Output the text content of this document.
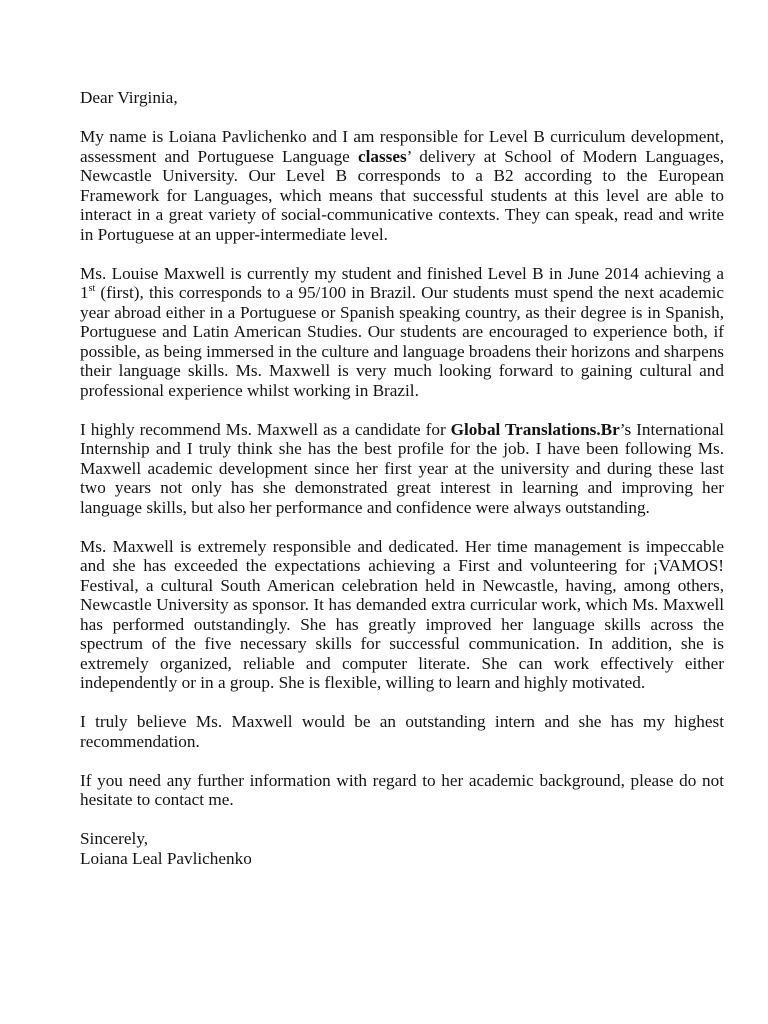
Dear Virginia,

My name is Loiana Pavlichenko and I am responsible for Level B curriculum development, assessment and Portuguese Language classes’ delivery at School of Modern Languages, Newcastle University. Our Level B corresponds to a B2 according to the European Framework for Languages, which means that successful students at this level are able to interact in a great variety of social-communicative contexts. They can speak, read and write in Portuguese at an upper-intermediate level.

Ms. Louise Maxwell is currently my student and finished Level B in June 2014 achieving a 1st (first), this corresponds to a 95/100 in Brazil. Our students must spend the next academic year abroad either in a Portuguese or Spanish speaking country, as their degree is in Spanish, Portuguese and Latin American Studies. Our students are encouraged to experience both, if possible, as being immersed in the culture and language broadens their horizons and sharpens their language skills. Ms. Maxwell is very much looking forward to gaining cultural and professional experience whilst working in Brazil.

I highly recommend Ms. Maxwell as a candidate for Global Translations.Br’s International Internship and I truly think she has the best profile for the job. I have been following Ms. Maxwell academic development since her first year at the university and during these last two years not only has she demonstrated great interest in learning and improving her language skills, but also her performance and confidence were always outstanding.

Ms. Maxwell is extremely responsible and dedicated. Her time management is impeccable and she has exceeded the expectations achieving a First and volunteering for ¡VAMOS! Festival, a cultural South American celebration held in Newcastle, having, among others, Newcastle University as sponsor. It has demanded extra curricular work, which Ms. Maxwell has performed outstandingly. She has greatly improved her language skills across the spectrum of the five necessary skills for successful communication. In addition, she is extremely organized, reliable and computer literate. She can work effectively either independently or in a group. She is flexible, willing to learn and highly motivated.

I truly believe Ms. Maxwell would be an outstanding intern and she has my highest recommendation.

If you need any further information with regard to her academic background, please do not hesitate to contact me.

Sincerely,

Loiana Leal Pavlichenko
